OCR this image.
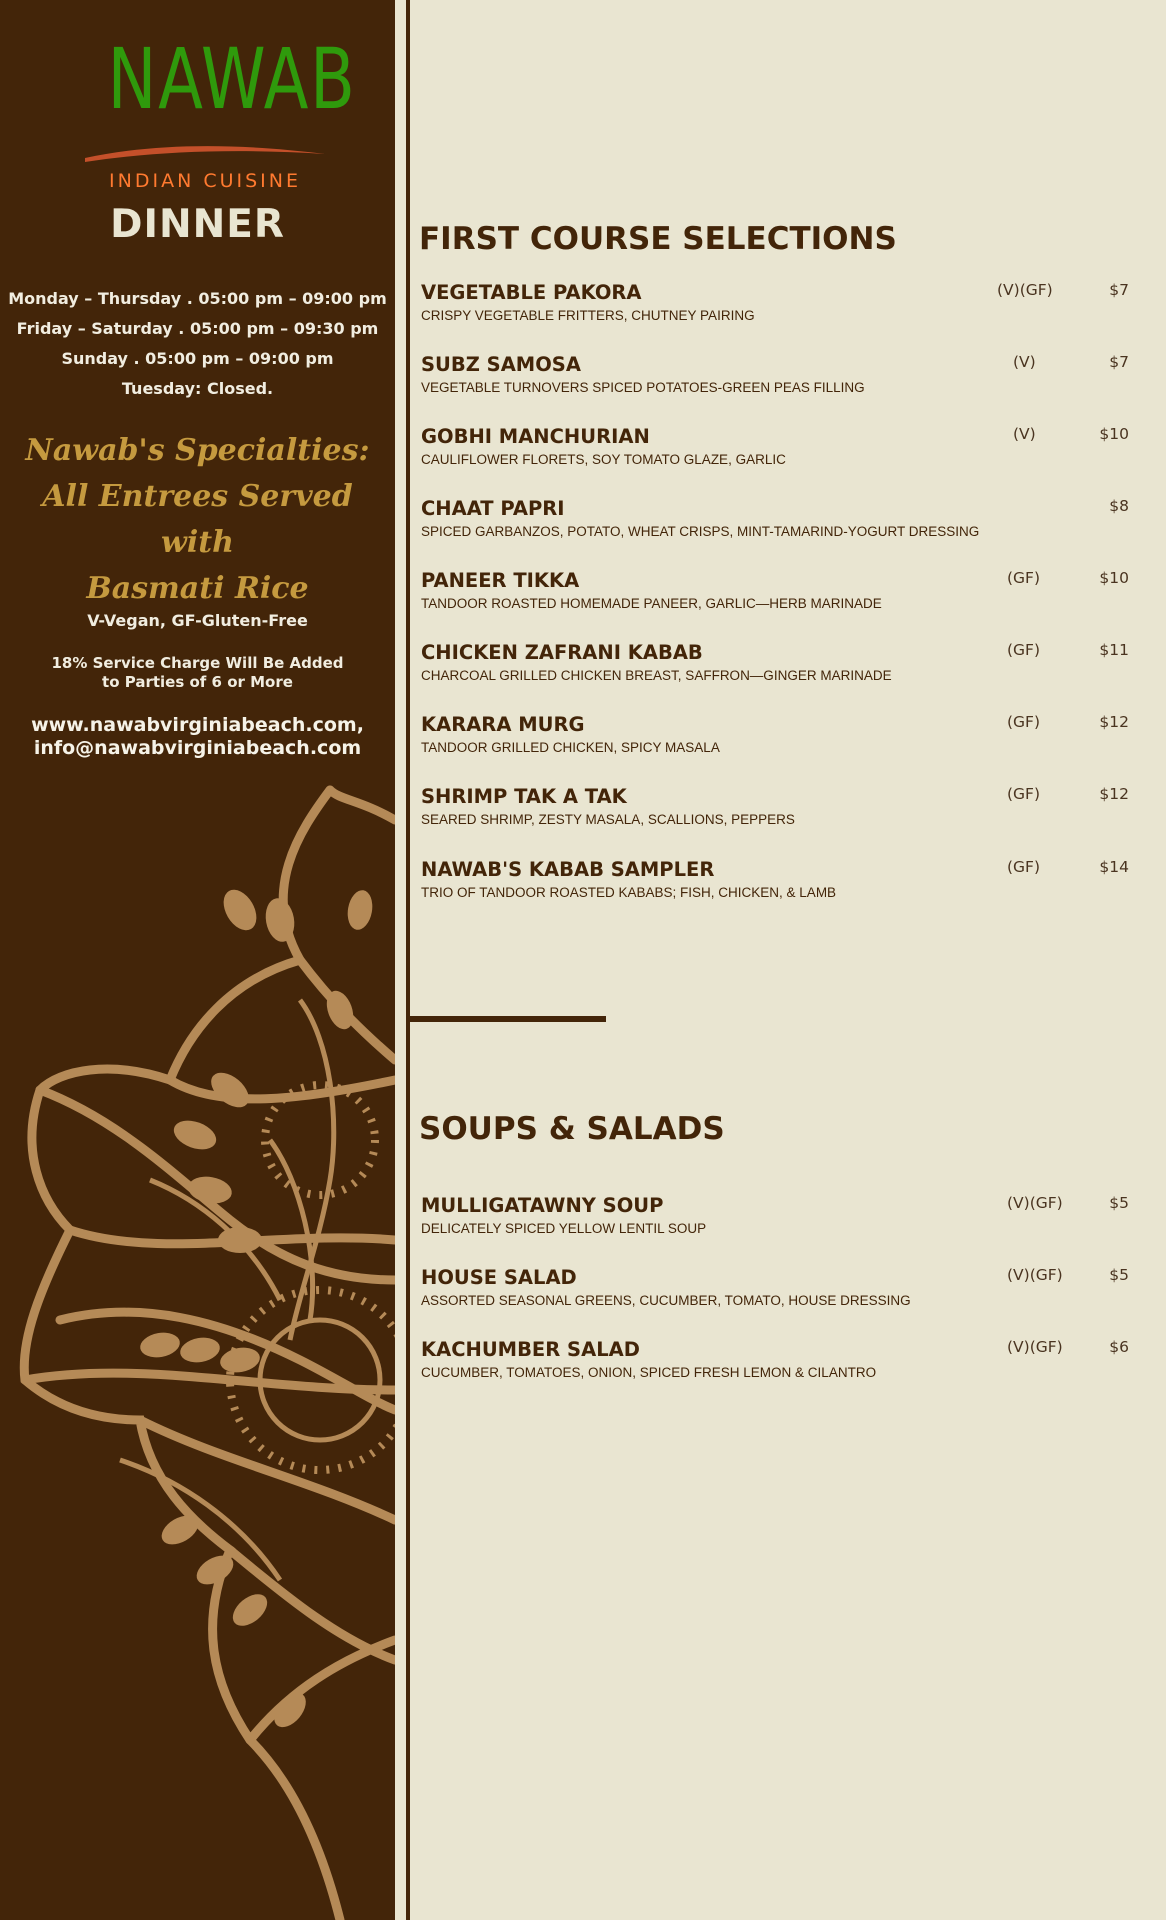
NAWAB
INDIAN CUISINE
DINNER
Monday – Thursday . 05:00 pm – 09:00 pm
Friday – Saturday . 05:00 pm – 09:30 pm
Sunday . 05:00 pm – 09:00 pm
Tuesday: Closed.
Nawab's Specialties:
All Entrees Served with
Basmati Rice
V-Vegan, GF-Gluten-Free
18% Service Charge Will Be Added to Parties of 6 or More
www.nawabvirginiabeach.com,
info@nawabvirginiabeach.com
FIRST COURSE SELECTIONS
VEGETABLE PAKORA
CRISPY VEGETABLE FRITTERS, CHUTNEY PAIRING
(V)(GF)	$7
SUBZ SAMOSA
VEGETABLE TURNOVERS SPICED POTATOES-GREEN PEAS FILLING
(V)	$7
GOBHI MANCHURIAN
CAULIFLOWER FLORETS, SOY TOMATO GLAZE, GARLIC
(V)	$10
CHAAT PAPRI
SPICED GARBANZOS, POTATO, WHEAT CRISPS, MINT-TAMARIND-YOGURT DRESSING
$8
PANEER TIKKA
TANDOOR ROASTED HOMEMADE PANEER, GARLIC—HERB MARINADE
(GF)	$10
CHICKEN ZAFRANI KABAB
CHARCOAL GRILLED CHICKEN BREAST, SAFFRON—GINGER MARINADE
(GF)	$11
KARARA MURG
TANDOOR GRILLED CHICKEN, SPICY MASALA
(GF)	$12
SHRIMP TAK A TAK
SEARED SHRIMP, ZESTY MASALA, SCALLIONS, PEPPERS
(GF)	$12
NAWAB'S KABAB SAMPLER
TRIO OF TANDOOR ROASTED KABABS; FISH, CHICKEN, & LAMB
(GF)	$14
SOUPS & SALADS
MULLIGATAWNY SOUP
DELICATELY SPICED YELLOW LENTIL SOUP
(V)(GF)	$5
HOUSE SALAD
ASSORTED SEASONAL GREENS, CUCUMBER, TOMATO, HOUSE DRESSING
(V)(GF)	$5
KACHUMBER SALAD
CUCUMBER, TOMATOES, ONION, SPICED FRESH LEMON & CILANTRO
(V)(GF)	$6
